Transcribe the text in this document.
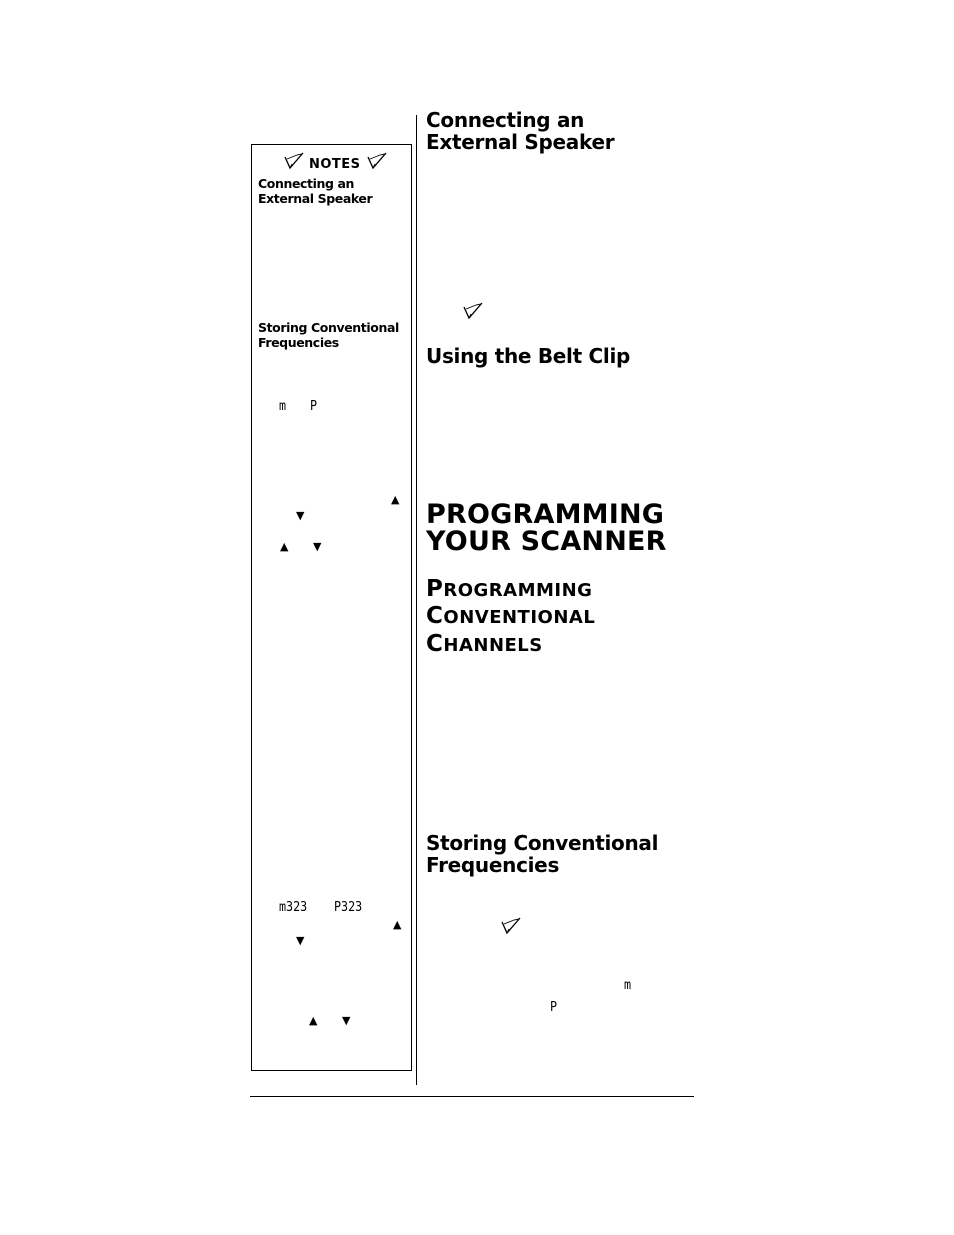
NOTES
Connecting an External Speaker
Storing Conventional Frequencies
m P
▲
▼
▲ ▼
m323 P323
▲
▼
▲ ▼
Connecting an External Speaker
Using the Belt Clip
PROGRAMMING
YOUR SCANNER
PROGRAMMING
CONVENTIONAL
CHANNELS
Storing Conventional Frequencies
m
P
